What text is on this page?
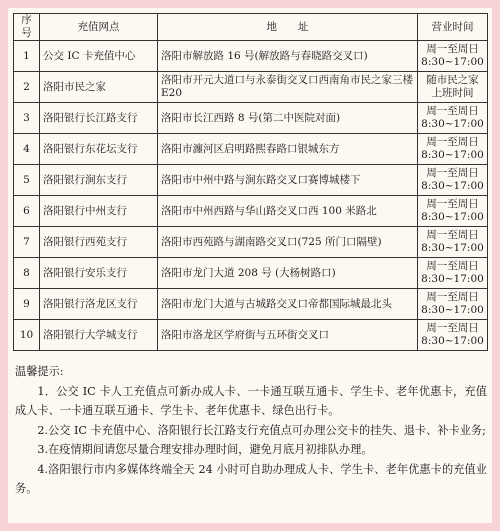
序号	充值网点	地　　址	营业时间
1	公交 IC 卡充值中心	洛阳市解放路 16 号(解放路与春晓路交叉口)	周一至周日
8:30~17:00
2	洛阳市民之家	洛阳市开元大道口与永泰街交叉口西南角市民之家三楼 E20	随市民之家
上班时间
3	洛阳银行长江路支行	洛阳市长江西路 8 号(第二中医院对面)	周一至周日
8:30~17:00
4	洛阳银行东花坛支行	洛阳市瀍河区启明路熙春路口银城东方	周一至周日
8:30~17:00
5	洛阳银行涧东支行	洛阳市中州中路与涧东路交叉口赛博城楼下	周一至周日
8:30~17:00
6	洛阳银行中州支行	洛阳市中州西路与华山路交叉口西 100 米路北	周一至周日
8:30~17:00
7	洛阳银行西苑支行	洛阳市西苑路与湖南路交叉口(725 所门口隔壁)	周一至周日
8:30~17:00
8	洛阳银行安乐支行	洛阳市龙门大道 208 号 (大杨树路口)	周一至周日
8:30~17:00
9	洛阳银行洛龙区支行	洛阳市龙门大道与古城路交叉口帝都国际城最北头	周一至周日
8:30~17:00
10	洛阳银行大学城支行	洛阳市洛龙区学府街与五环街交叉口	周一至周日
8:30~17:00

温馨提示:

1．公交 IC 卡人工充值点可新办成人卡、一卡通互联互通卡、学生卡、老年优惠卡，充值成人卡、一卡通互联互通卡、学生卡、老年优惠卡、绿色出行卡。

2.公交 IC 卡充值中心、洛阳银行长江路支行充值点可办理公交卡的挂失、退卡、补卡业务;

3.在疫情期间请您尽量合理安排办理时间，避免月底月初排队办理。

4.洛阳银行市内多媒体终端全天 24 小时可自助办理成人卡、学生卡、老年优惠卡的充值业务。
